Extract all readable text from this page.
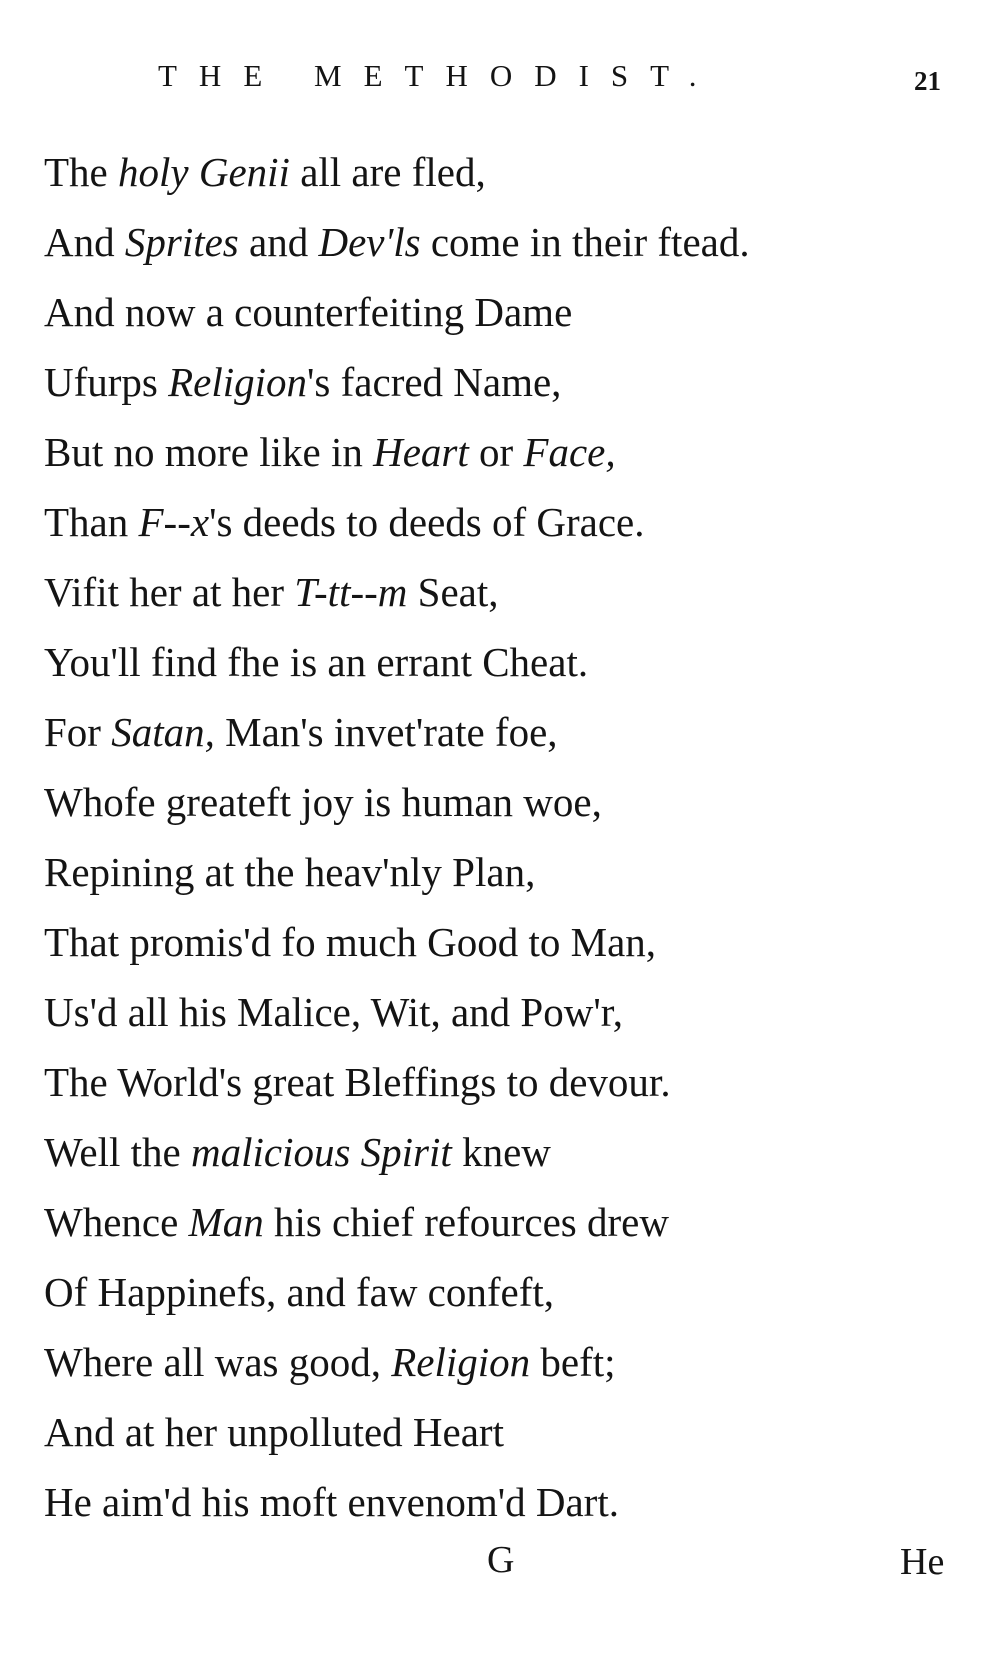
THE METHODIST.	21
The holy Genii all are fled,
And Sprites and Dev'ls come in their ftead.
And now a counterfeiting Dame
Ufurps Religion's facred Name,
But no more like in Heart or Face,
Than F--x's deeds to deeds of Grace.
Vifit her at her T-tt--m Seat,
You'll find fhe is an errant Cheat.
For Satan, Man's invet'rate foe,
Whofe greateft joy is human woe,
Repining at the heav'nly Plan,
That promis'd fo much Good to Man,
Us'd all his Malice, Wit, and Pow'r,
The World's great Bleffings to devour.
Well the malicious Spirit knew
Whence Man his chief refources drew
Of Happinefs, and faw confeft,
Where all was good, Religion beft;
And at her unpolluted Heart
He aim'd his moft envenom'd Dart.
G	He
